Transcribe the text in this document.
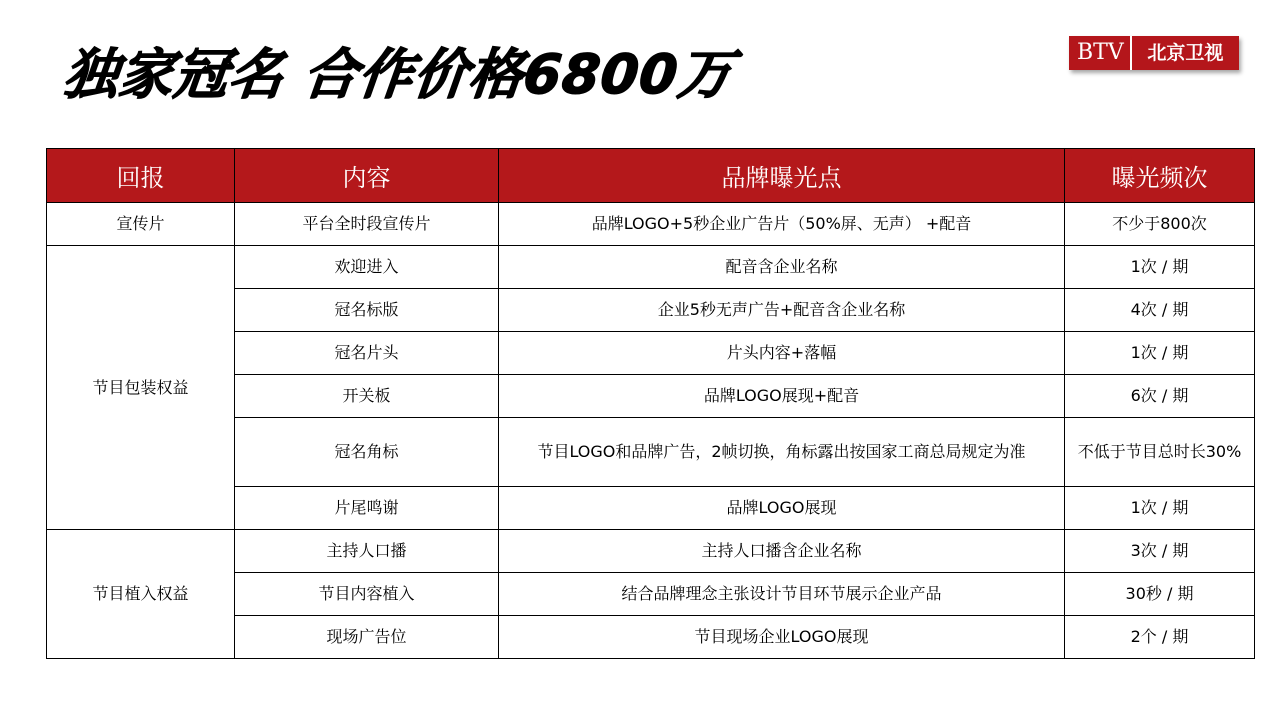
独家冠名 合作价格6800万	BTV	北京卫视
回报	内容	品牌曝光点	曝光频次
宣传片	平台全时段宣传片	品牌LOGO+5秒企业广告片（50%屏、无声） +配音	不少于800次
节目包装权益	欢迎进入	配音含企业名称	1次 / 期
	冠名标版	企业5秒无声广告+配音含企业名称	4次 / 期
	冠名片头	片头内容+落幅	1次 / 期
	开关板	品牌LOGO展现+配音	6次 / 期
	冠名角标	节目LOGO和品牌广告，2帧切换，角标露出按国家工商总局规定为准	不低于节目总时长30%
	片尾鸣谢	品牌LOGO展现	1次 / 期
节目植入权益	主持人口播	主持人口播含企业名称	3次 / 期
	节目内容植入	结合品牌理念主张设计节目环节展示企业产品	30秒 / 期
	现场广告位	节目现场企业LOGO展现	2个 / 期
